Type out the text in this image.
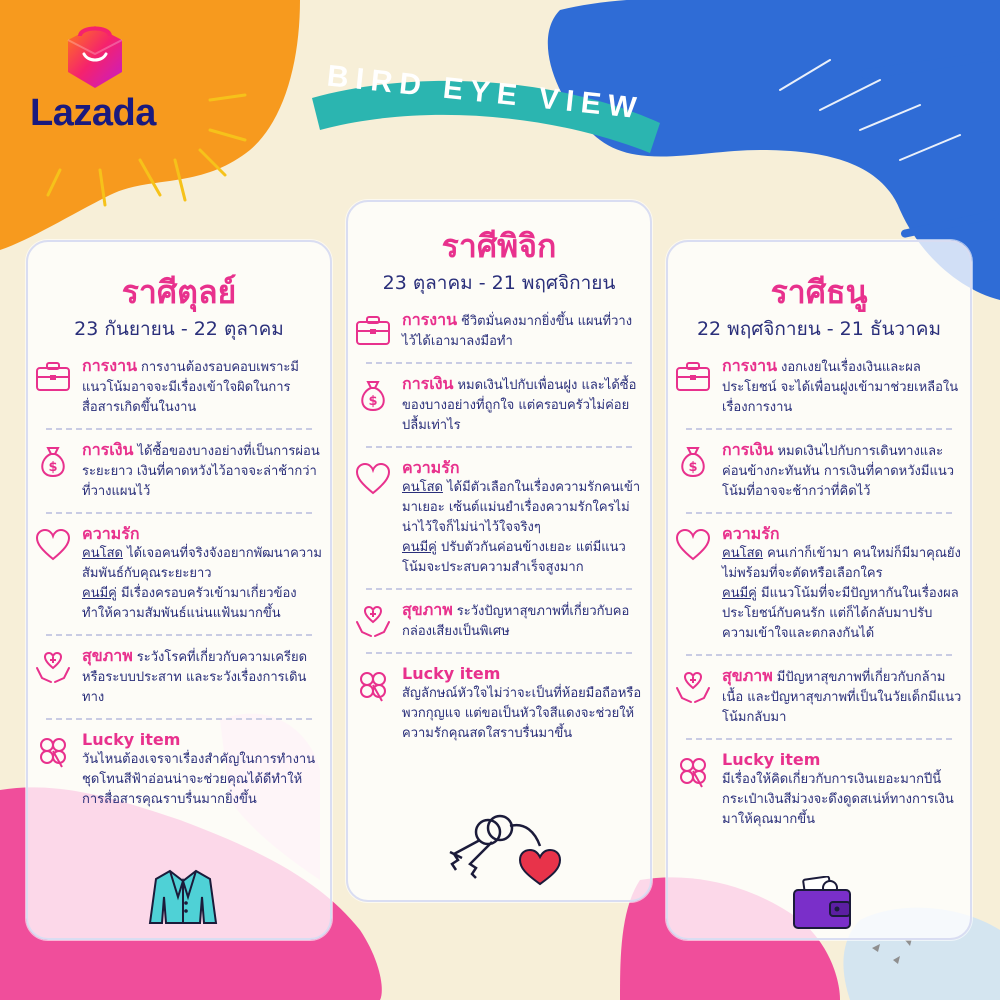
Lazada	BIRD EYE VIEW
ราศีตุลย์
23 กันยายน - 22 ตุลาคม
การงาน การงานต้องรอบคอบเพราะมีแนวโน้มอาจจะมีเรื่องเข้าใจผิดในการสื่อสารเกิดขึ้นในงาน
$
การเงิน ได้ซื้อของบางอย่างที่เป็นการผ่อนระยะยาว เงินที่คาดหวังไว้อาจจะล่าช้ากว่าที่วางแผนไว้
ความรัก
คนโสด ได้เจอคนที่จริงจังอยากพัฒนาความสัมพันธ์กับคุณระยะยาว
คนมีคู่ มีเรื่องครอบครัวเข้ามาเกี่ยวข้องทำให้ความสัมพันธ์แน่นแฟ้นมากขึ้น
สุขภาพ ระวังโรคที่เกี่ยวกับความเครียดหรือระบบประสาท และระวังเรื่องการเดินทาง
Lucky item
วันไหนต้องเจรจาเรื่องสำคัญในการทำงานชุดโทนสีฟ้าอ่อนน่าจะช่วยคุณได้ดีทำให้การสื่อสารคุณราบรื่นมากยิ่งขึ้น
ราศีพิจิก
23 ตุลาคม - 21 พฤศจิกายน
การงาน ชีวิตมั่นคงมากยิ่งขึ้น แผนที่วางไว้ได้เอามาลงมือทำ
$
การเงิน หมดเงินไปกับเพื่อนฝูง และได้ซื้อของบางอย่างที่ถูกใจ แต่ครอบครัวไม่ค่อยปลื้มเท่าไร
ความรัก
คนโสด ได้มีตัวเลือกในเรื่องความรักคนเข้ามาเยอะ เซ้นต์แม่นยำเรื่องความรักใครไม่น่าไว้ใจก็ไม่น่าไว้ใจจริงๆ
คนมีคู่ ปรับตัวกันค่อนข้างเยอะ แต่มีแนวโน้มจะประสบความสำเร็จสูงมาก
สุขภาพ ระวังปัญหาสุขภาพที่เกี่ยวกับคอ กล่องเสียงเป็นพิเศษ
Lucky item
สัญลักษณ์หัวใจไม่ว่าจะเป็นที่ห้อยมือถือหรือพวกกุญแจ แต่ขอเป็นหัวใจสีแดงจะช่วยให้ความรักคุณสดใสราบรื่นมาขึ้น
ราศีธนู
22 พฤศจิกายน - 21 ธันวาคม
การงาน งอกเงยในเรื่องเงินและผลประโยชน์ จะได้เพื่อนฝูงเข้ามาช่วยเหลือในเรื่องการงาน
$
การเงิน หมดเงินไปกับการเดินทางและค่อนข้างกะทันหัน การเงินที่คาดหวังมีแนวโน้มที่อาจจะช้ากว่าที่คิดไว้
ความรัก
คนโสด คนเก่าก็เข้ามา คนใหม่ก็มีมาคุณยังไม่พร้อมที่จะตัดหรือเลือกใคร
คนมีคู่ มีแนวโน้มที่จะมีปัญหากันในเรื่องผลประโยชน์กับคนรัก แต่ก็ได้กลับมาปรับความเข้าใจและตกลงกันได้
สุขภาพ มีปัญหาสุขภาพที่เกี่ยวกับกล้ามเนื้อ และปัญหาสุขภาพที่เป็นในวัยเด็กมีแนวโน้มกลับมา
Lucky item
มีเรื่องให้คิดเกี่ยวกับการเงินเยอะมากปีนี้กระเป๋าเงินสีม่วงจะดึงดูดสเน่ห์ทางการเงินมาให้คุณมากขึ้น
